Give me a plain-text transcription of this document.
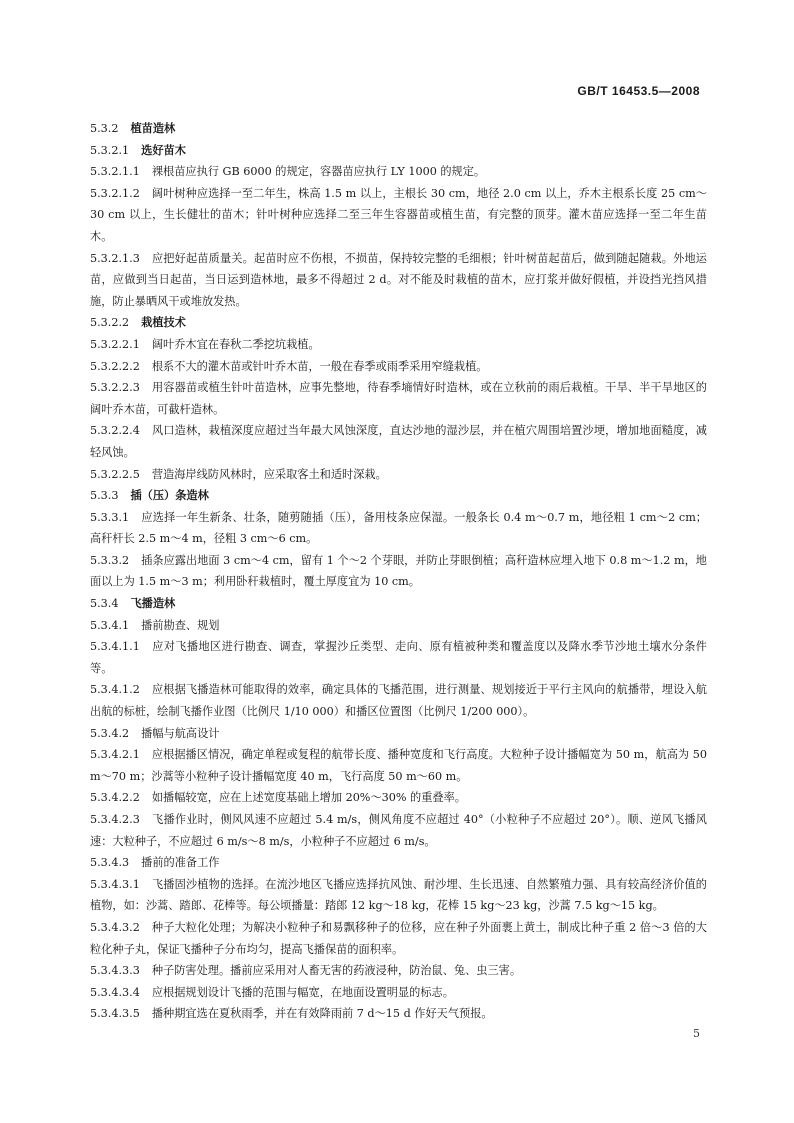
GB/T 16453.5—2008

5.3.2 植苗造林

5.3.2.1 选好苗木

5.3.2.1.1 裸根苗应执行 GB 6000 的规定，容器苗应执行 LY 1000 的规定。

5.3.2.1.2 阔叶树种应选择一至二年生，株高 1.5 m 以上，主根长 30 cm，地径 2.0 cm 以上，乔木主根系长度 25 cm～30 cm 以上，生长健壮的苗木；针叶树种应选择二至三年生容器苗或植生苗，有完整的顶芽。灌木苗应选择一至二年生苗木。

5.3.2.1.3 应把好起苗质量关。起苗时应不伤根，不损苗，保持较完整的毛细根；针叶树苗起苗后，做到随起随栽。外地运苗，应做到当日起苗，当日运到造林地，最多不得超过 2 d。对不能及时栽植的苗木，应打浆并做好假植，并设挡光挡风措施，防止暴晒风干或堆放发热。

5.3.2.2 栽植技术

5.3.2.2.1 阔叶乔木宜在春秋二季挖坑栽植。

5.3.2.2.2 根系不大的灌木苗或针叶乔木苗，一般在春季或雨季采用窄缝栽植。

5.3.2.2.3 用容器苗或植生针叶苗造林，应事先整地，待春季墒情好时造林，或在立秋前的雨后栽植。干旱、半干旱地区的阔叶乔木苗，可截杆造林。

5.3.2.2.4 风口造林，栽植深度应超过当年最大风蚀深度，直达沙地的湿沙层，并在植穴周围培置沙埂，增加地面糙度，减轻风蚀。

5.3.2.2.5 营造海岸线防风林时，应采取客土和适时深栽。

5.3.3 插（压）条造林

5.3.3.1 应选择一年生新条、壮条，随剪随插（压），备用枝条应保湿。一般条长 0.4 m～0.7 m，地径粗 1 cm～2 cm；高秆杆长 2.5 m～4 m，径粗 3 cm～6 cm。

5.3.3.2 插条应露出地面 3 cm～4 cm，留有 1 个～2 个芽眼，并防止芽眼倒植；高秆造林应埋入地下 0.8 m～1.2 m，地面以上为 1.5 m～3 m；利用卧秆栽植时，覆土厚度宜为 10 cm。

5.3.4 飞播造林

5.3.4.1 播前勘查、规划

5.3.4.1.1 应对飞播地区进行勘查、调查，掌握沙丘类型、走向、原有植被种类和覆盖度以及降水季节沙地土壤水分条件等。

5.3.4.1.2 应根据飞播造林可能取得的效率，确定具体的飞播范围，进行测量、规划接近于平行主风向的航播带，埋设入航出航的标桩，绘制飞播作业图（比例尺 1/10 000）和播区位置图（比例尺 1/200 000）。

5.3.4.2 播幅与航高设计

5.3.4.2.1 应根据播区情况，确定单程或复程的航带长度、播种宽度和飞行高度。大粒种子设计播幅宽为 50 m，航高为 50 m～70 m；沙蒿等小粒种子设计播幅宽度 40 m，飞行高度 50 m～60 m。

5.3.4.2.2 如播幅较宽，应在上述宽度基础上增加 20%～30% 的重叠率。

5.3.4.2.3 飞播作业时，侧风风速不应超过 5.4 m/s，侧风角度不应超过 40°（小粒种子不应超过 20°）。顺、逆风飞播风速：大粒种子，不应超过 6 m/s～8 m/s，小粒种子不应超过 6 m/s。

5.3.4.3 播前的准备工作

5.3.4.3.1 飞播固沙植物的选择。在流沙地区飞播应选择抗风蚀、耐沙埋、生长迅速、自然繁殖力强、具有较高经济价值的植物，如：沙蒿、踏郎、花棒等。每公顷播量：踏郎 12 kg～18 kg，花棒 15 kg～23 kg，沙蒿 7.5 kg～15 kg。

5.3.4.3.2 种子大粒化处理；为解决小粒种子和易飘移种子的位移，应在种子外面裹上黄土，制成比种子重 2 倍～3 倍的大粒化种子丸，保证飞播种子分布均匀，提高飞播保苗的面积率。

5.3.4.3.3 种子防害处理。播前应采用对人畜无害的药液浸种，防治鼠、兔、虫三害。

5.3.4.3.4 应根据规划设计飞播的范围与幅宽，在地面设置明显的标志。

5.3.4.3.5 播种期宜选在夏秋雨季，并在有效降雨前 7 d～15 d 作好天气预报。

5
